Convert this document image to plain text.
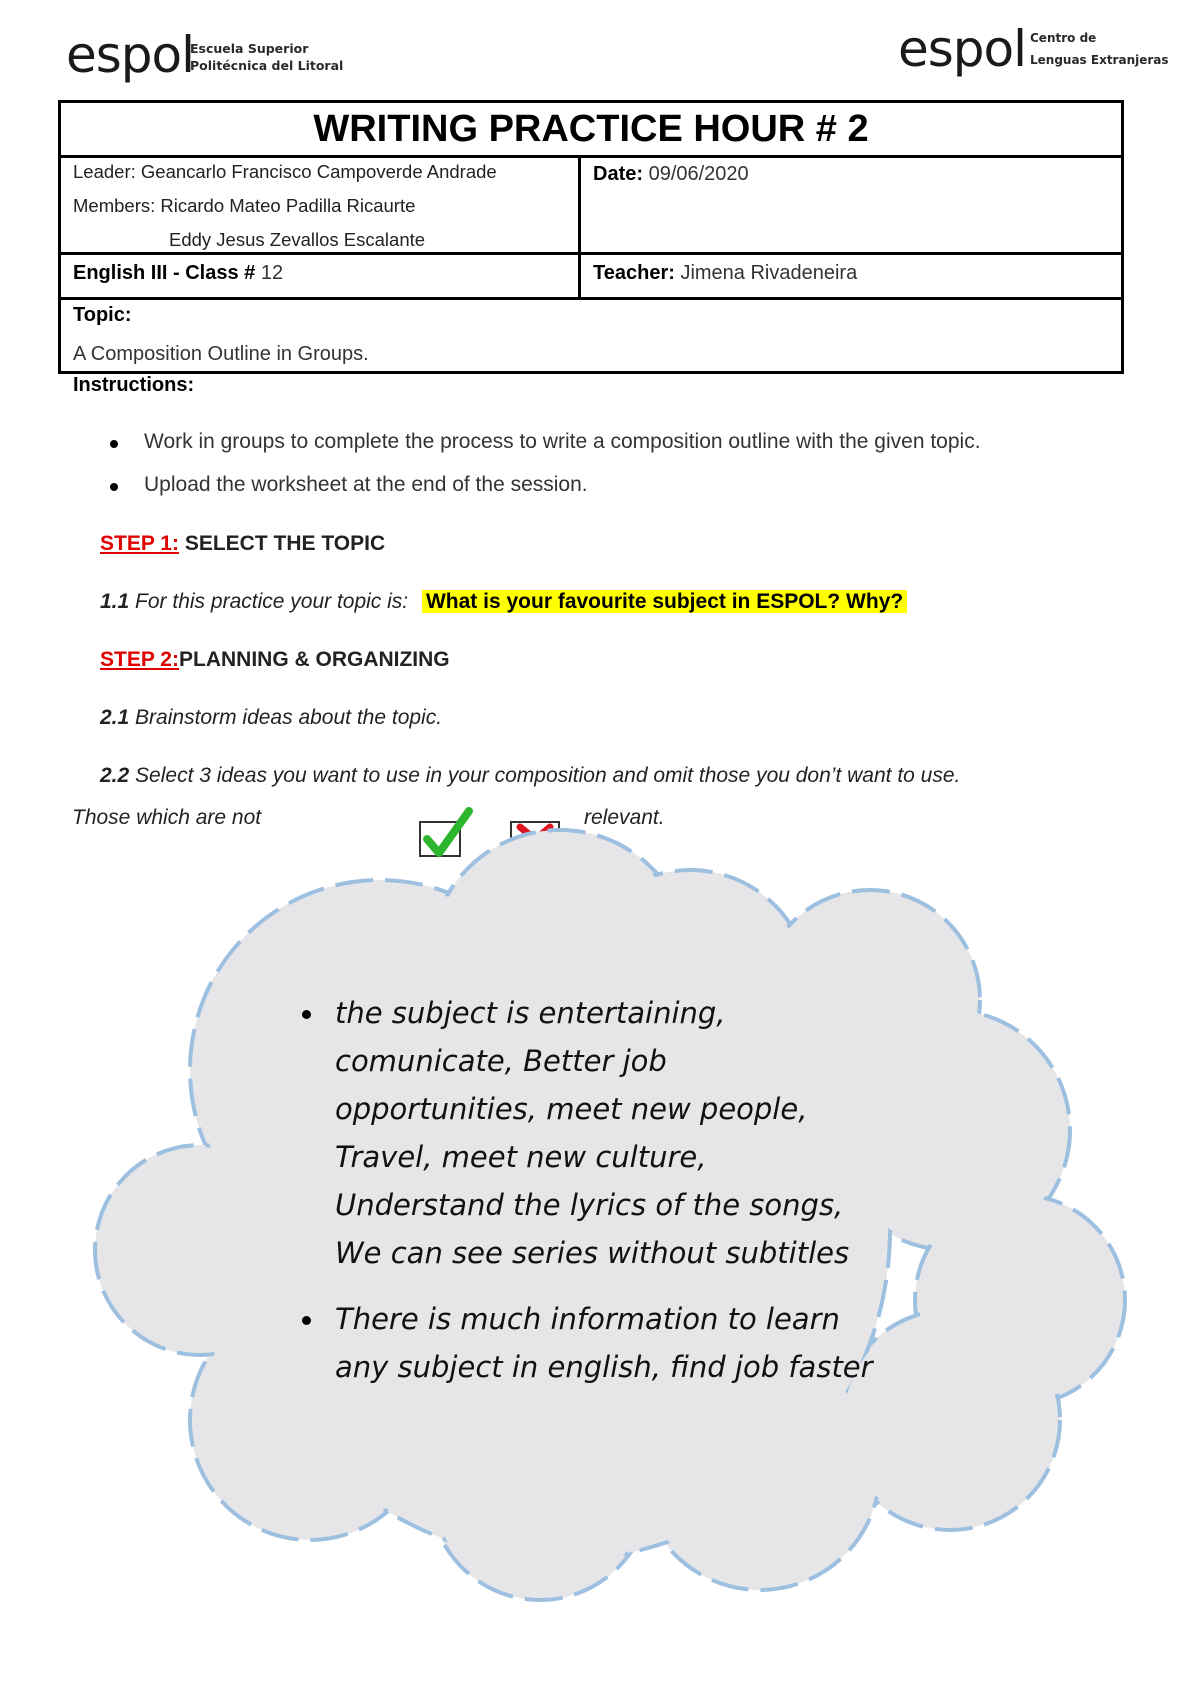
espol
Escuela Superior
Politécnica del Litoral	espol Centro de
Lenguas Extranjeras
WRITING PRACTICE HOUR # 2
Leader: Geancarlo Francisco Campoverde Andrade
Members: Ricardo Mateo Padilla Ricaurte
Eddy Jesus Zevallos Escalante
Date: 09/06/2020
English III - Class # 12	Teacher: Jimena Rivadeneira
Topic:
A Composition Outline in Groups.
Instructions:
Work in groups to complete the process to write a composition outline with the given topic.
Upload the worksheet at the end of the session.
STEP 1: SELECT THE TOPIC
1.1 For this practice your topic is: What is your favourite subject in ESPOL? Why?
STEP 2:PLANNING & ORGANIZING
2.1 Brainstorm ideas about the topic.
2.2 Select 3 ideas you want to use in your composition and omit those you don’t want to use.
Those which are not	relevant.
the subject is entertaining,
comunicate, Better job
opportunities, meet new people,
Travel, meet new culture,
Understand the lyrics of the songs,
We can see series without subtitles
There is much information to learn
any subject in english, find job faster
